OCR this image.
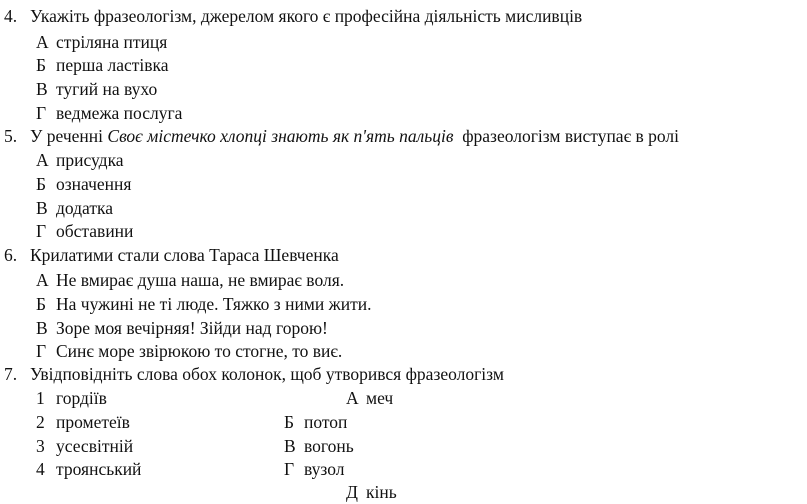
4. Укажіть фразеологізм, джерелом якого є професійна діяльність мисливців
А стріляна птиця
Б перша ластівка
В тугий на вухо
Г ведмежа послуга
5. У реченні Своє містечко хлопці знають як п'ять пальців  фразеологізм виступає в ролі
А присудка
Б означення
В додатка
Г обставини
6. Крилатими стали слова Тараса Шевченка
А Не вмирає душа наша, не вмирає воля.
Б На чужині не ті люде. Тяжко з ними жити.
В Зоре моя вечірняя! Зійди над горою!
Г Синє море звірюкою то стогне, то виє.
7. Увідповідніть слова обох колонок, щоб утворився фразеологізм
1 гордіїв
2 прометеїв
3 усесвітній
4 троянський
А меч
Б потоп
В вогонь
Г вузол
Д кінь
